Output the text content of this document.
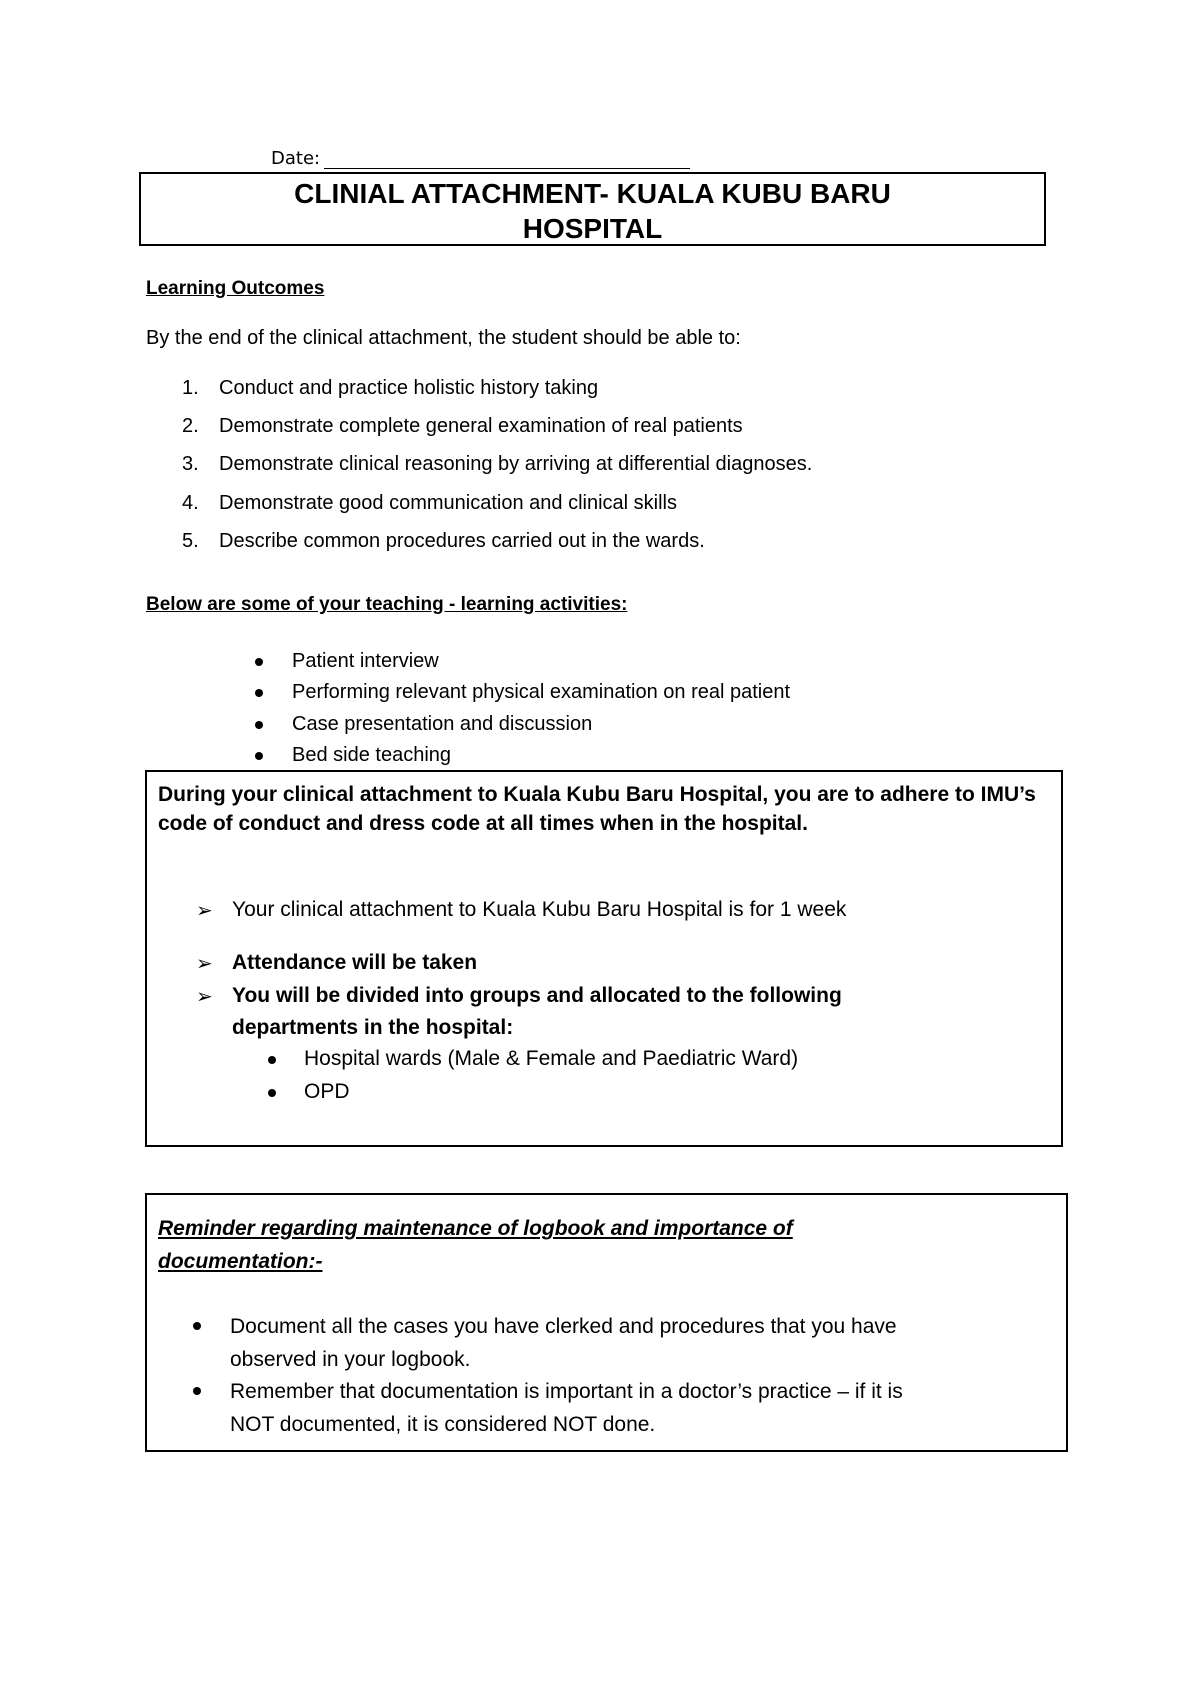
Date:
CLINIAL ATTACHMENT- KUALA KUBU BARU
HOSPITAL
Learning Outcomes
By the end of the clinical attachment, the student should be able to:
1. Conduct and practice holistic history taking
2. Demonstrate complete general examination of real patients
3. Demonstrate clinical reasoning by arriving at differential diagnoses.
4. Demonstrate good communication and clinical skills
5. Describe common procedures carried out in the wards.
Below are some of your teaching - learning activities:
Patient interview
Performing relevant physical examination on real patient
Case presentation and discussion
Bed side teaching
During your clinical attachment to Kuala Kubu Baru Hospital, you are to adhere to IMU’s code of conduct and dress code at all times when in the hospital.
➢ Your clinical attachment to Kuala Kubu Baru Hospital is for 1 week
➢ Attendance will be taken
➢ You will be divided into groups and allocated to the following departments in the hospital:
Hospital wards (Male & Female and Paediatric Ward)
OPD
Reminder regarding maintenance of logbook and importance of documentation:-
Document all the cases you have clerked and procedures that you have observed in your logbook.
Remember that documentation is important in a doctor’s practice – if it is NOT documented, it is considered NOT done.
